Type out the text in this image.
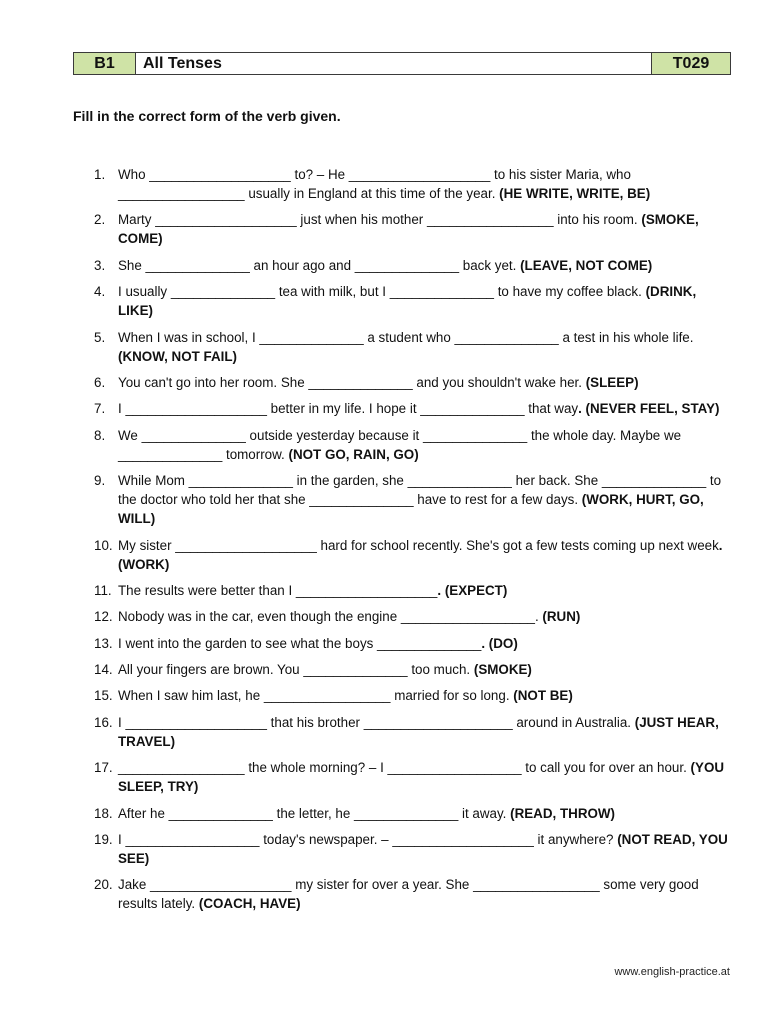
B1	All Tenses	T029
Fill in the correct form of the verb given.
1. Who ___________________ to? – He ___________________ to his sister Maria, who _________________ usually in England at this time of the year. (HE WRITE, WRITE, BE)
2. Marty ___________________ just when his mother _________________ into his room. (SMOKE, COME)
3. She ______________ an hour ago and ______________ back yet. (LEAVE, NOT COME)
4. I usually ______________ tea with milk, but I ______________ to have my coffee black. (DRINK, LIKE)
5. When I was in school, I ______________ a student who ______________ a test in his whole life. (KNOW, NOT FAIL)
6. You can't go into her room. She ______________ and you shouldn't wake her. (SLEEP)
7. I ___________________ better in my life. I hope it ______________ that way. (NEVER FEEL, STAY)
8. We ______________ outside yesterday because it ______________ the whole day. Maybe we ______________ tomorrow. (NOT GO, RAIN, GO)
9. While Mom ______________ in the garden, she ______________ her back. She ______________ to the doctor who told her that she ______________ have to rest for a few days. (WORK, HURT, GO, WILL)
10. My sister ___________________ hard for school recently. She's got a few tests coming up next week. (WORK)
11. The results were better than I ___________________. (EXPECT)
12. Nobody was in the car, even though the engine __________________. (RUN)
13. I went into the garden to see what the boys ______________. (DO)
14. All your fingers are brown. You ______________ too much. (SMOKE)
15. When I saw him last, he _________________ married for so long. (NOT BE)
16. I ___________________ that his brother ____________________ around in Australia. (JUST HEAR, TRAVEL)
17. _________________ the whole morning? – I __________________ to call you for over an hour. (YOU SLEEP, TRY)
18. After he ______________ the letter, he ______________ it away. (READ, THROW)
19. I __________________ today's newspaper. – ___________________ it anywhere? (NOT READ, YOU SEE)
20. Jake ___________________ my sister for over a year. She _________________ some very good results lately. (COACH, HAVE)
www.english-practice.at
